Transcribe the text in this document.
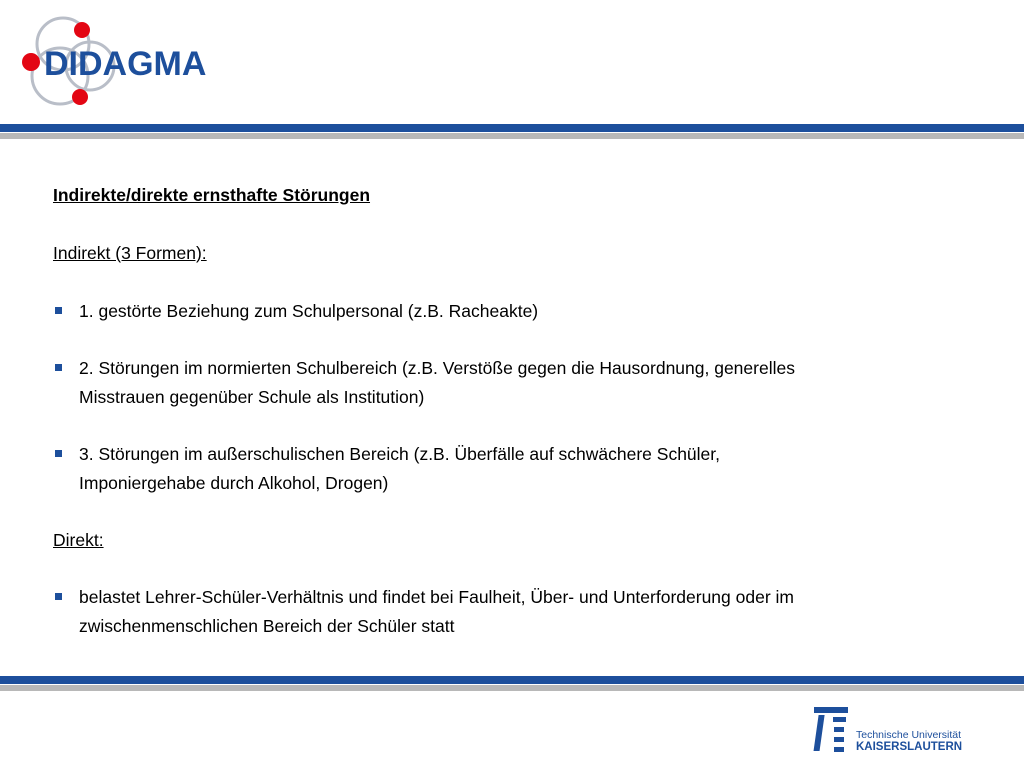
DIDAGMA
Indirekte/direkte ernsthafte Störungen
Indirekt (3 Formen):
1. gestörte Beziehung zum Schulpersonal (z.B. Racheakte)
2. Störungen im normierten Schulbereich (z.B. Verstöße gegen die Hausordnung, generelles
Misstrauen gegenüber Schule als Institution)
3. Störungen im außerschulischen Bereich (z.B. Überfälle auf schwächere Schüler,
Imponiergehabe durch Alkohol, Drogen)
Direkt:
belastet Lehrer-Schüler-Verhältnis und findet bei Faulheit, Über- und Unterforderung oder im
zwischenmenschlichen Bereich der Schüler statt
Technische Universität
KAISERSLAUTERN
